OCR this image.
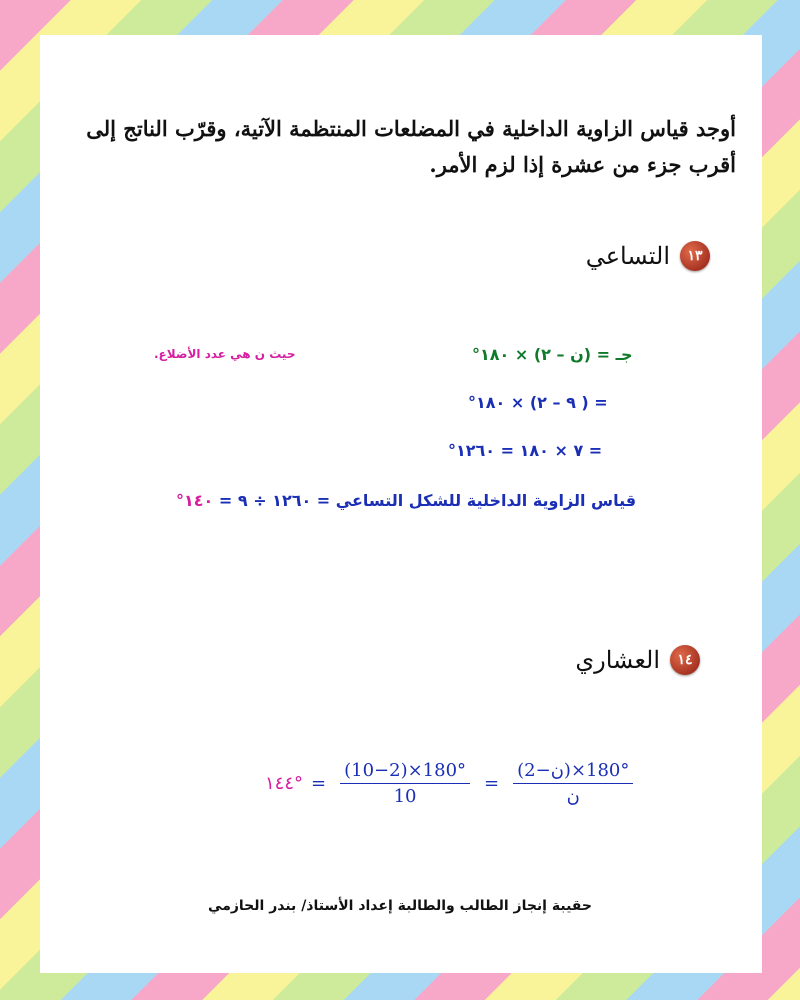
أوجد قياس الزاوية الداخلية في المضلعات المنتظمة الآتية، وقرّب الناتج إلى أقرب جزء من عشرة إذا لزم الأمر.
١٣
التساعي
حيث ن هي عدد الأضلاع.	جـ = (ن – ٢) × ١٨٠°
= ( ٩ – ٢) × ١٨٠°
= ٧ × ١٨٠ = ١٢٦٠°
قياس الزاوية الداخلية للشكل التساعي = ١٢٦٠ ÷ ٩ = ١٤٠°
١٤
العشاري
١٤٤° = $\frac{(10-2)\times 180^\circ}{10} = \frac{\text{(ن−2)×180°}}{\text{ن}}$
حقيبة إنجاز الطالب والطالبة إعداد الأستاذ/ بندر الحازمي
